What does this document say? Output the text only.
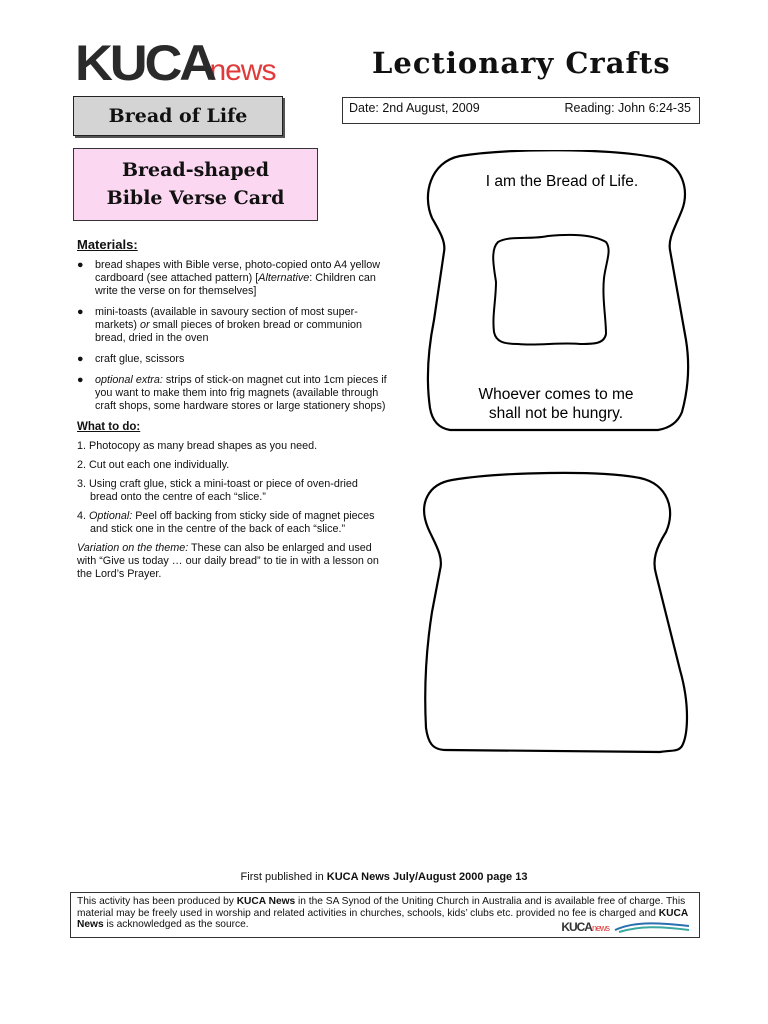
KUCAnews	Lectionary Crafts
Bread of Life	Date: 2nd August, 2009	Reading: John 6:24-35
Bread-shaped
Bible Verse Card
Materials:
● bread shapes with Bible verse, photo-copied onto A4 yellow cardboard (see attached pattern) [Alternative: Children can write the verse on for themselves]
● mini-toasts (available in savoury section of most super-markets) or small pieces of broken bread or communion bread, dried in the oven
● craft glue, scissors
● optional extra: strips of stick-on magnet cut into 1cm pieces if you want to make them into frig magnets (available through craft shops, some hardware stores or large stationery shops)
What to do:
1. Photocopy as many bread shapes as you need.
2. Cut out each one individually.
3. Using craft glue, stick a mini-toast or piece of oven-dried bread onto the centre of each “slice.”
4. Optional: Peel off backing from sticky side of magnet pieces and stick one in the centre of the back of each “slice.”
Variation on the theme: These can also be enlarged and used with “Give us today … our daily bread” to tie in with a lesson on the Lord’s Prayer.
I am the Bread of Life.
Whoever comes to me
shall not be hungry.
First published in KUCA News July/August 2000 page 13
This activity has been produced by KUCA News in the SA Synod of the Uniting Church in Australia and is available free of charge. This material may be freely used in worship and related activities in churches, schools, kids’ clubs etc. provided no fee is charged and KUCA News is acknowledged as the source.	KUCAnews
